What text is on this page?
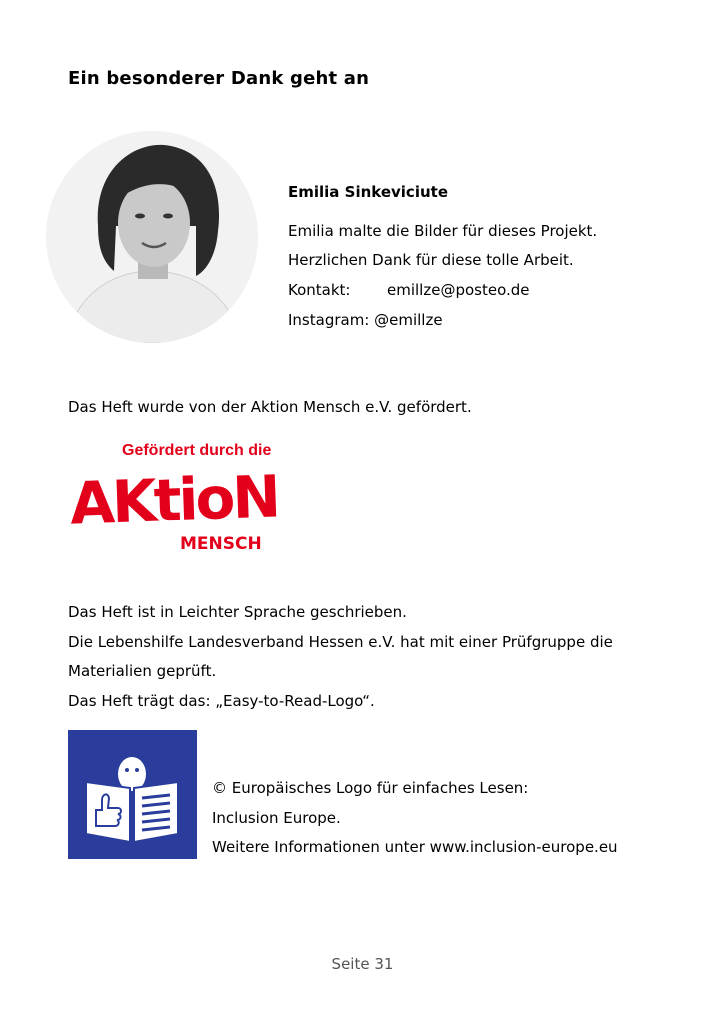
Ein besonderer Dank geht an
Emilia Sinkeviciute
Emilia malte die Bilder für dieses Projekt.
Herzlichen Dank für diese tolle Arbeit.
Kontakt: emillze@posteo.de
Instagram: @emillze
Das Heft wurde von der Aktion Mensch e.V. gefördert.
Gefördert durch die
AKtioN
MENSCH
Das Heft ist in Leichter Sprache geschrieben.
Die Lebenshilfe Landesverband Hessen e.V. hat mit einer Prüfgruppe die
Materialien geprüft.
Das Heft trägt das: „Easy-to-Read-Logo“.
© Europäisches Logo für einfaches Lesen:
Inclusion Europe.
Weitere Informationen unter www.inclusion-europe.eu
Seite 31
